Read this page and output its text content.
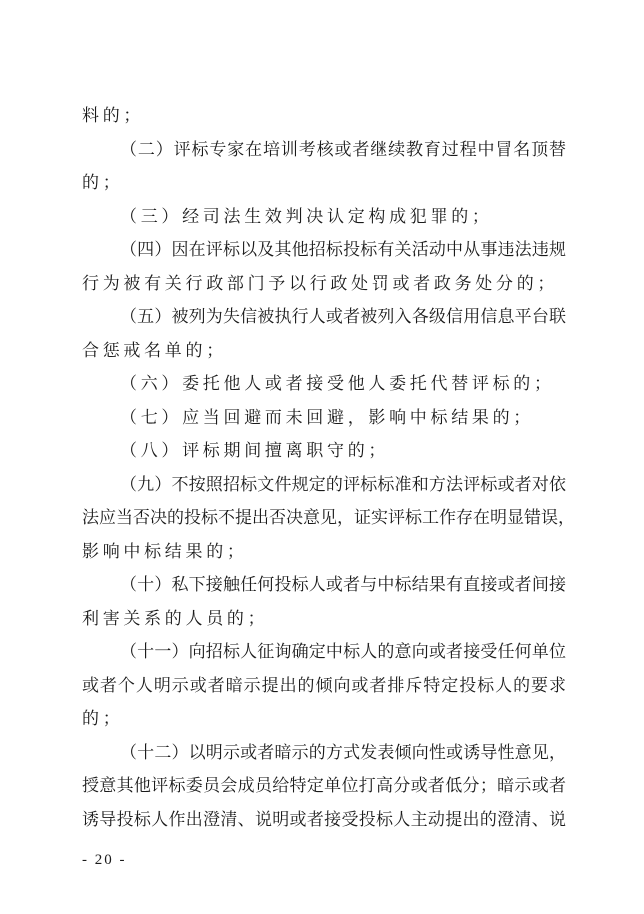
料的；
（二）评标专家在培训考核或者继续教育过程中冒名顶替
的；
（三）经司法生效判决认定构成犯罪的；
（四）因在评标以及其他招标投标有关活动中从事违法违规
行为被有关行政部门予以行政处罚或者政务处分的；
（五）被列为失信被执行人或者被列入各级信用信息平台联
合惩戒名单的；
（六）委托他人或者接受他人委托代替评标的；
（七）应当回避而未回避，影响中标结果的；
（八）评标期间擅离职守的；
（九）不按照招标文件规定的评标标准和方法评标或者对依
法应当否决的投标不提出否决意见，证实评标工作存在明显错误，
影响中标结果的；
（十）私下接触任何投标人或者与中标结果有直接或者间接
利害关系的人员的；
（十一）向招标人征询确定中标人的意向或者接受任何单位
或者个人明示或者暗示提出的倾向或者排斥特定投标人的要求
的；
（十二）以明示或者暗示的方式发表倾向性或诱导性意见，
授意其他评标委员会成员给特定单位打高分或者低分；暗示或者
诱导投标人作出澄清、说明或者接受投标人主动提出的澄清、说
- 20 -
